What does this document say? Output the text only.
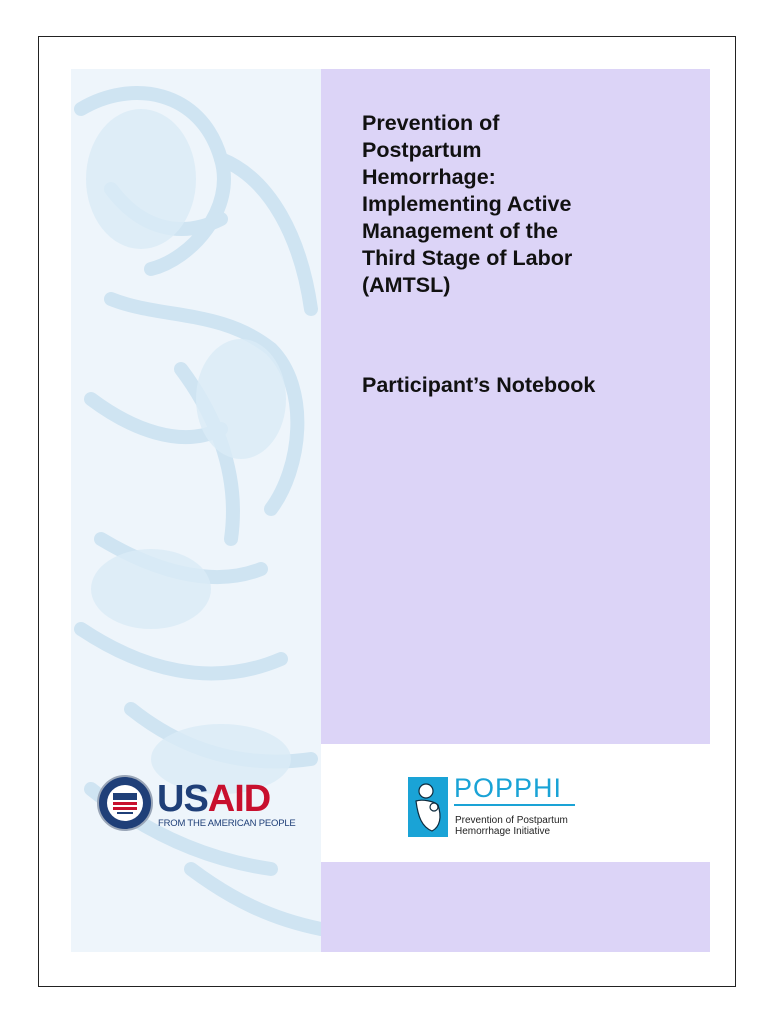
Prevention of
Postpartum
Hemorrhage:
Implementing Active
Management of the
Third Stage of Labor
(AMTSL)
Participant’s Notebook
USAID
FROM THE AMERICAN PEOPLE
POPPHI
Prevention of Postpartum
Hemorrhage Initiative
